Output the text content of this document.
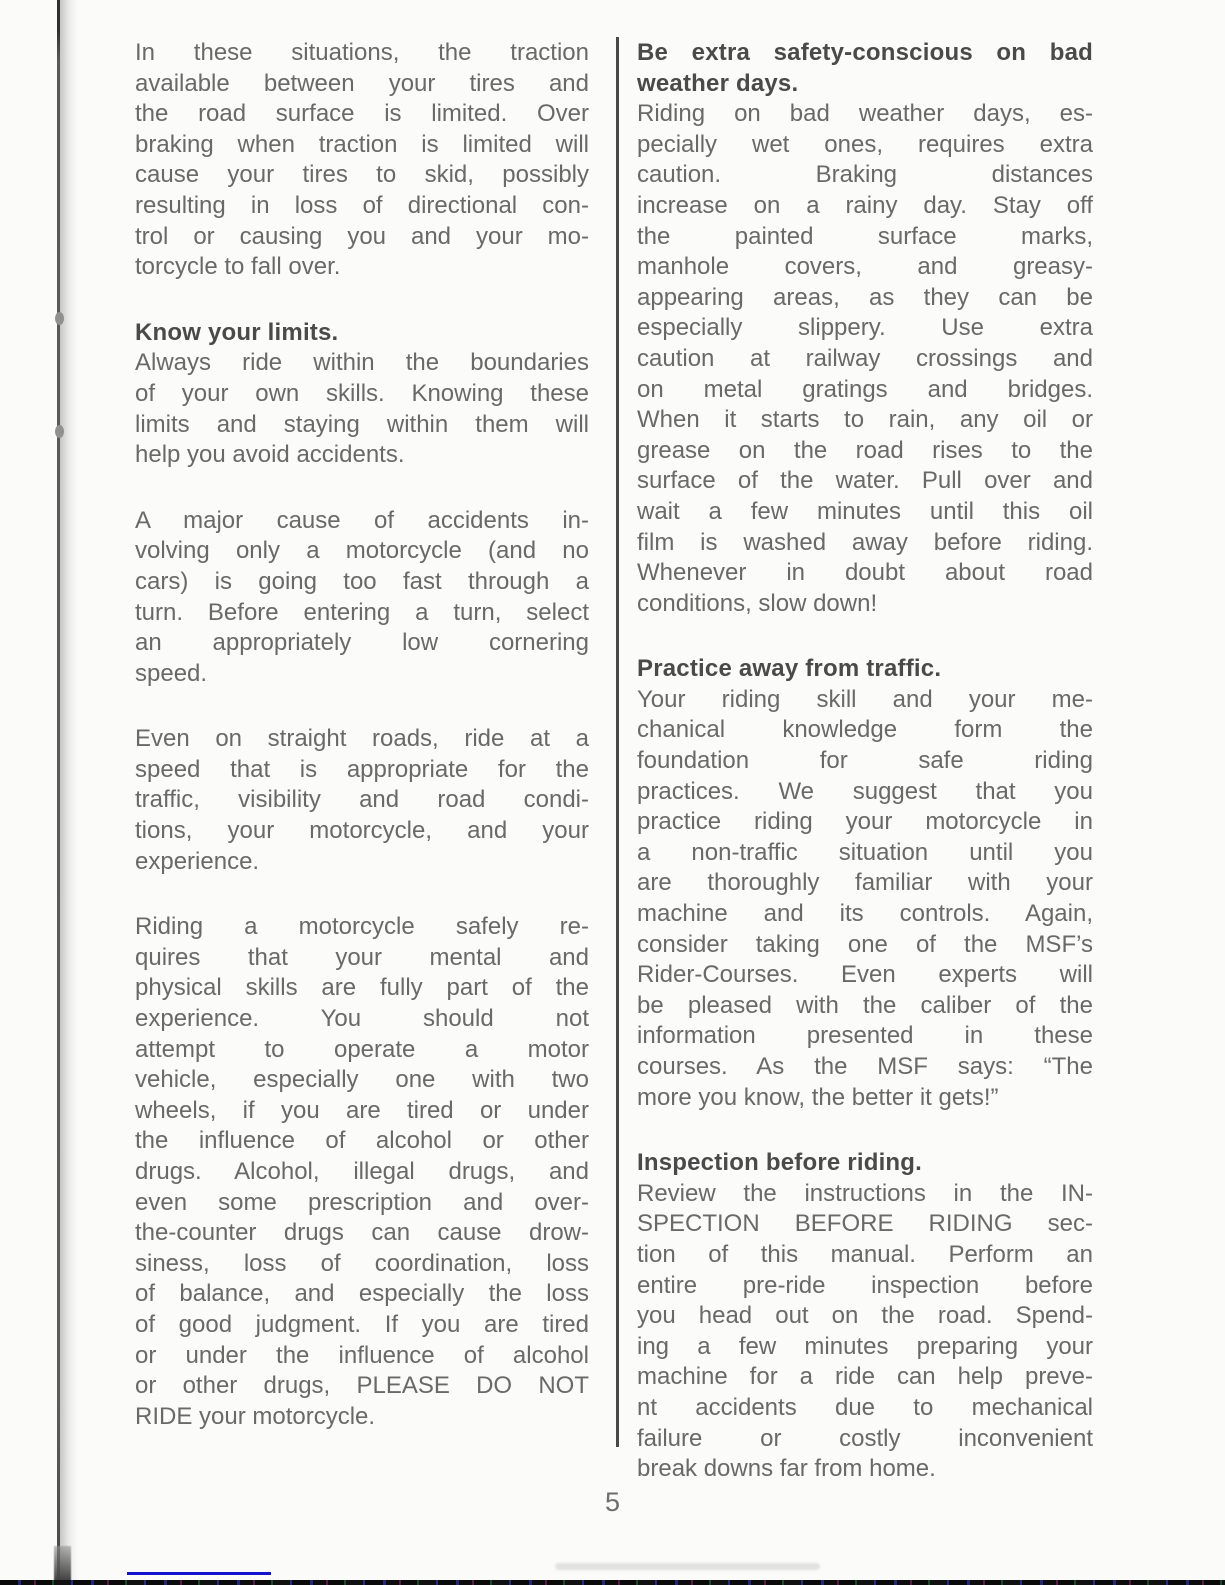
In these situations, the traction
available between your tires and
the road surface is limited. Over
braking when traction is limited will
cause your tires to skid, possibly
resulting in loss of directional con-
trol or causing you and your mo-
torcycle to fall over.
Know your limits.
Always ride within the boundaries
of your own skills. Knowing these
limits and staying within them will
help you avoid accidents.
A major cause of accidents in-
volving only a motorcycle (and no
cars) is going too fast through a
turn. Before entering a turn, select
an appropriately low cornering
speed.
Even on straight roads, ride at a
speed that is appropriate for the
traffic, visibility and road condi-
tions, your motorcycle, and your
experience.
Riding a motorcycle safely re-
quires that your mental and
physical skills are fully part of the
experience. You should not
attempt to operate a motor
vehicle, especially one with two
wheels, if you are tired or under
the influence of alcohol or other
drugs. Alcohol, illegal drugs, and
even some prescription and over-
the-counter drugs can cause drow-
siness, loss of coordination, loss
of balance, and especially the loss
of good judgment. If you are tired
or under the influence of alcohol
or other drugs, PLEASE DO NOT
RIDE your motorcycle.
Be extra safety-conscious on bad
weather days.
Riding on bad weather days, es-
pecially wet ones, requires extra
caution. Braking distances
increase on a rainy day. Stay off
the painted surface marks,
manhole covers, and greasy-
appearing areas, as they can be
especially slippery. Use extra
caution at railway crossings and
on metal gratings and bridges.
When it starts to rain, any oil or
grease on the road rises to the
surface of the water. Pull over and
wait a few minutes until this oil
film is washed away before riding.
Whenever in doubt about road
conditions, slow down!
Practice away from traffic.
Your riding skill and your me-
chanical knowledge form the
foundation for safe riding
practices. We suggest that you
practice riding your motorcycle in
a non-traffic situation until you
are thoroughly familiar with your
machine and its controls. Again,
consider taking one of the MSF’s
Rider-Courses. Even experts will
be pleased with the caliber of the
information presented in these
courses. As the MSF says: “The
more you know, the better it gets!”
Inspection before riding.
Review the instructions in the IN-
SPECTION BEFORE RIDING sec-
tion of this manual. Perform an
entire pre-ride inspection before
you head out on the road. Spend-
ing a few minutes preparing your
machine for a ride can help preve-
nt accidents due to mechanical
failure or costly inconvenient
break downs far from home.
5
